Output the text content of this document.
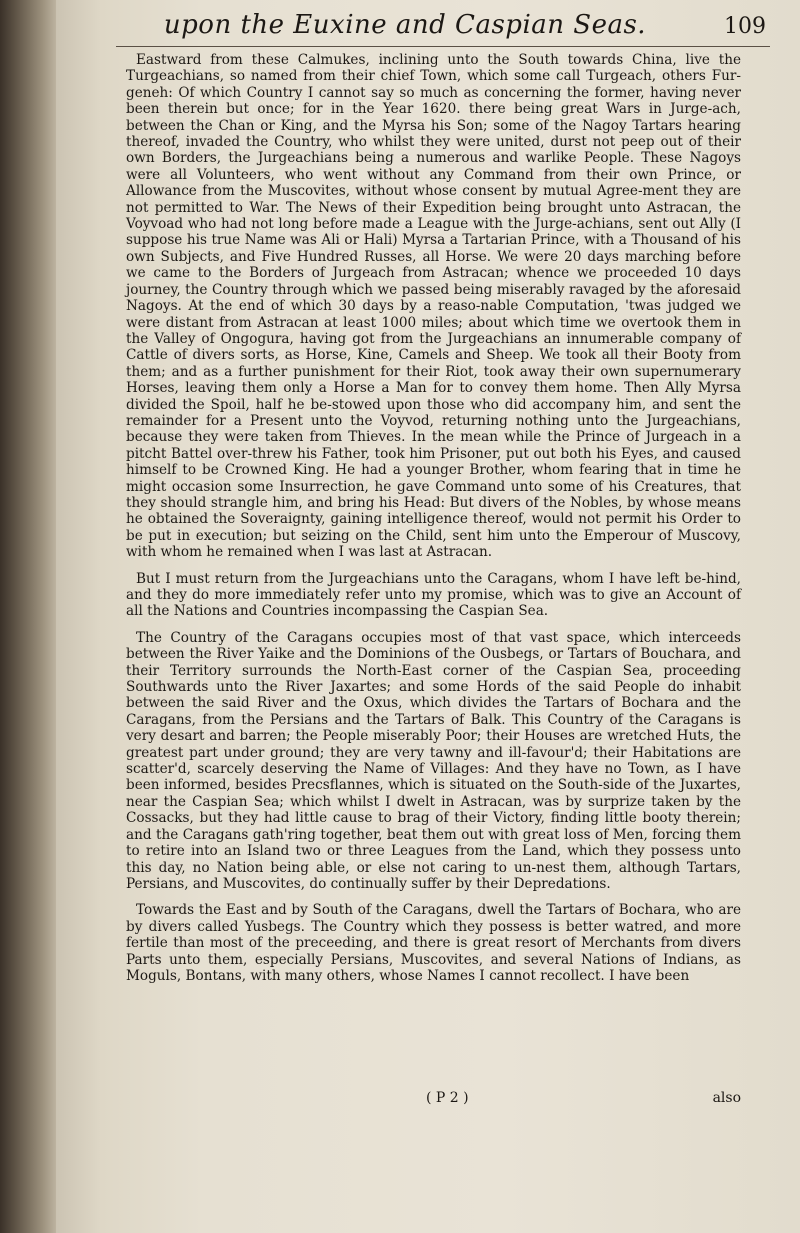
upon the Euxine and Caspian Seas.	109

Eastward from these Calmukes, inclining unto the South towards China, live the Turgeachians, so named from their chief Town, which some call Turgeach, others Fur-geneh: Of which Country I cannot say so much as concerning the former, having never been therein but once; for in the Year 1620. there being great Wars in Jurge-ach, between the Chan or King, and the Myrsa his Son; some of the Nagoy Tartars hearing thereof, invaded the Country, who whilst they were united, durst not peep out of their own Borders, the Jurgeachians being a numerous and warlike People. These Nagoys were all Volunteers, who went without any Command from their own Prince, or Allowance from the Muscovites, without whose consent by mutual Agree-ment they are not permitted to War. The News of their Expedition being brought unto Astracan, the Voyvoad who had not long before made a League with the Jurge-achians, sent out Ally (I suppose his true Name was Ali or Hali) Myrsa a Tartarian Prince, with a Thousand of his own Subjects, and Five Hundred Russes, all Horse. We were 20 days marching before we came to the Borders of Jurgeach from Astracan; whence we proceeded 10 days journey, the Country through which we passed being miserably ravaged by the aforesaid Nagoys. At the end of which 30 days by a reaso-nable Computation, 'twas judged we were distant from Astracan at least 1000 miles; about which time we overtook them in the Valley of Ongogura, having got from the Jurgeachians an innumerable company of Cattle of divers sorts, as Horse, Kine, Camels and Sheep. We took all their Booty from them; and as a further punishment for their Riot, took away their own supernumerary Horses, leaving them only a Horse a Man for to convey them home. Then Ally Myrsa divided the Spoil, half he be-stowed upon those who did accompany him, and sent the remainder for a Present unto the Voyvod, returning nothing unto the Jurgeachians, because they were taken from Thieves. In the mean while the Prince of Jurgeach in a pitcht Battel over-threw his Father, took him Prisoner, put out both his Eyes, and caused himself to be Crowned King. He had a younger Brother, whom fearing that in time he might occasion some Insurrection, he gave Command unto some of his Creatures, that they should strangle him, and bring his Head: But divers of the Nobles, by whose means he obtained the Soveraignty, gaining intelligence thereof, would not permit his Order to be put in execution; but seizing on the Child, sent him unto the Emperour of Muscovy, with whom he remained when I was last at Astracan.

But I must return from the Jurgeachians unto the Caragans, whom I have left be-hind, and they do more immediately refer unto my promise, which was to give an Account of all the Nations and Countries incompassing the Caspian Sea.

The Country of the Caragans occupies most of that vast space, which interceeds between the River Yaike and the Dominions of the Ousbegs, or Tartars of Bouchara, and their Territory surrounds the North-East corner of the Caspian Sea, proceeding Southwards unto the River Jaxartes; and some Hords of the said People do inhabit between the said River and the Oxus, which divides the Tartars of Bochara and the Caragans, from the Persians and the Tartars of Balk. This Country of the Caragans is very desart and barren; the People miserably Poor; their Houses are wretched Huts, the greatest part under ground; they are very tawny and ill-favour'd; their Habitations are scatter'd, scarcely deserving the Name of Villages: And they have no Town, as I have been informed, besides Precsflannes, which is situated on the South-side of the Juxartes, near the Caspian Sea; which whilst I dwelt in Astracan, was by surprize taken by the Cossacks, but they had little cause to brag of their Victory, finding little booty therein; and the Caragans gath'ring together, beat them out with great loss of Men, forcing them to retire into an Island two or three Leagues from the Land, which they possess unto this day, no Nation being able, or else not caring to un-nest them, although Tartars, Persians, and Muscovites, do continually suffer by their Depredations.

Towards the East and by South of the Caragans, dwell the Tartars of Bochara, who are by divers called Yusbegs. The Country which they possess is better watred, and more fertile than most of the preceeding, and there is great resort of Merchants from divers Parts unto them, especially Persians, Muscovites, and several Nations of Indians, as Moguls, Bontans, with many others, whose Names I cannot recollect. I have been

( P 2 )	also
